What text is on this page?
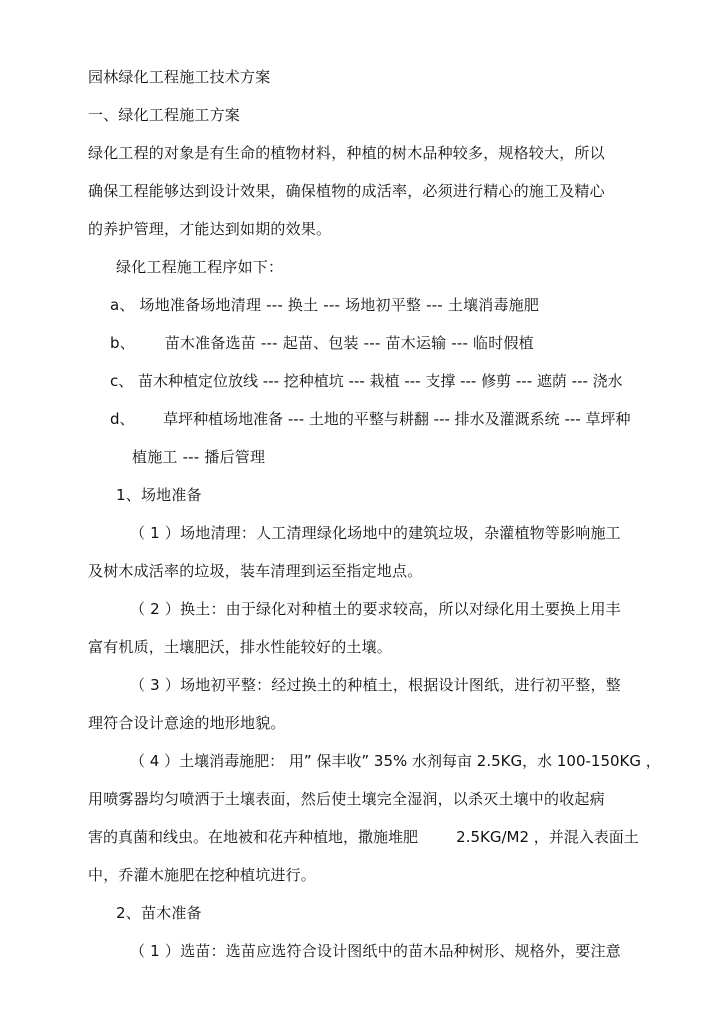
园林绿化工程施工技术方案
一、绿化工程施工方案
绿化工程的对象是有生命的植物材料，种植的树木品种较多，规格较大，所以
确保工程能够达到设计效果，确保植物的成活率，必须进行精心的施工及精心
的养护管理，才能达到如期的效果。
绿化工程施工程序如下：
a、 场地准备场地清理 --- 换土 --- 场地初平整 --- 土壤消毒施肥
b、      苗木准备选苗 --- 起苗、包装 --- 苗木运输 --- 临时假植
c、 苗木种植定位放线 --- 挖种植坑 --- 栽植 --- 支撑 --- 修剪 --- 遮荫 --- 浇水
d、      草坪种植场地准备 --- 土地的平整与耕翻 --- 排水及灌溉系统 --- 草坪种
植施工 --- 播后管理
1、场地准备
（ 1 ）场地清理：人工清理绿化场地中的建筑垃圾，杂灌植物等影响施工
及树木成活率的垃圾，装车清理到运至指定地点。
（ 2 ）换土：由于绿化对种植土的要求较高，所以对绿化用土要换上用丰
富有机质，土壤肥沃，排水性能较好的土壤。
（ 3 ）场地初平整：经过换土的种植土，根据设计图纸，进行初平整，整
理符合设计意途的地形地貌。
（ 4 ）土壤消毒施肥： 用” 保丰收” 35% 水剂每亩 2.5KG，水 100-150KG ，
用喷雾器均匀喷洒于土壤表面，然后使土壤完全湿润，以杀灭土壤中的收起病
害的真菌和线虫。在地被和花卉种植地，撒施堆肥        2.5KG/M2 ，并混入表面土
中，乔灌木施肥在挖种植坑进行。
2、苗木准备
（ 1 ）选苗：选苗应选符合设计图纸中的苗木品种树形、规格外，要注意
